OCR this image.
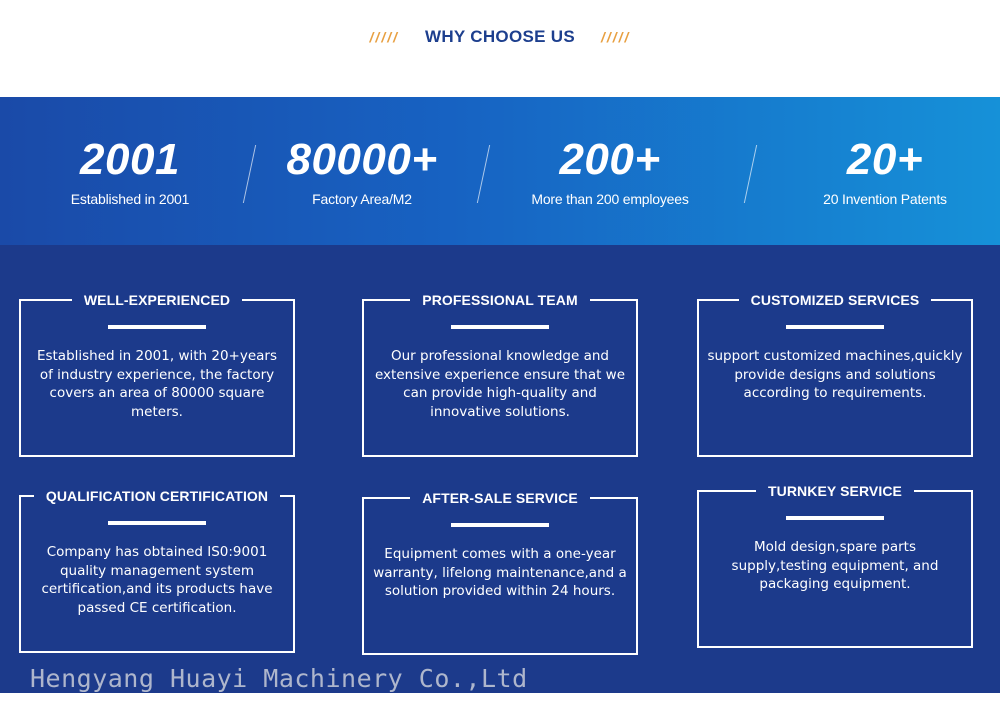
///// WHY CHOOSE US /////
2001
Established in 2001
80000+
Factory Area/M2
200+
More than 200 employees
20+
20 Invention Patents
WELL-EXPERIENCED
Established in 2001, with 20+years of industry experience, the factory covers an area of 80000 square meters.
PROFESSIONAL TEAM
Our professional knowledge and extensive experience ensure that we can provide high-quality and innovative solutions.
CUSTOMIZED SERVICES
support customized machines,quickly provide designs and solutions according to requirements.
QUALIFICATION CERTIFICATION
Company has obtained IS0:9001 quality management system certification,and its products have passed CE certification.
AFTER-SALE SERVICE
Equipment comes with a one-year warranty, lifelong maintenance,and a solution provided within 24 hours.
TURNKEY SERVICE
Mold design,spare parts supply,testing equipment, and packaging equipment.
Hengyang Huayi Machinery Co.,Ltd
